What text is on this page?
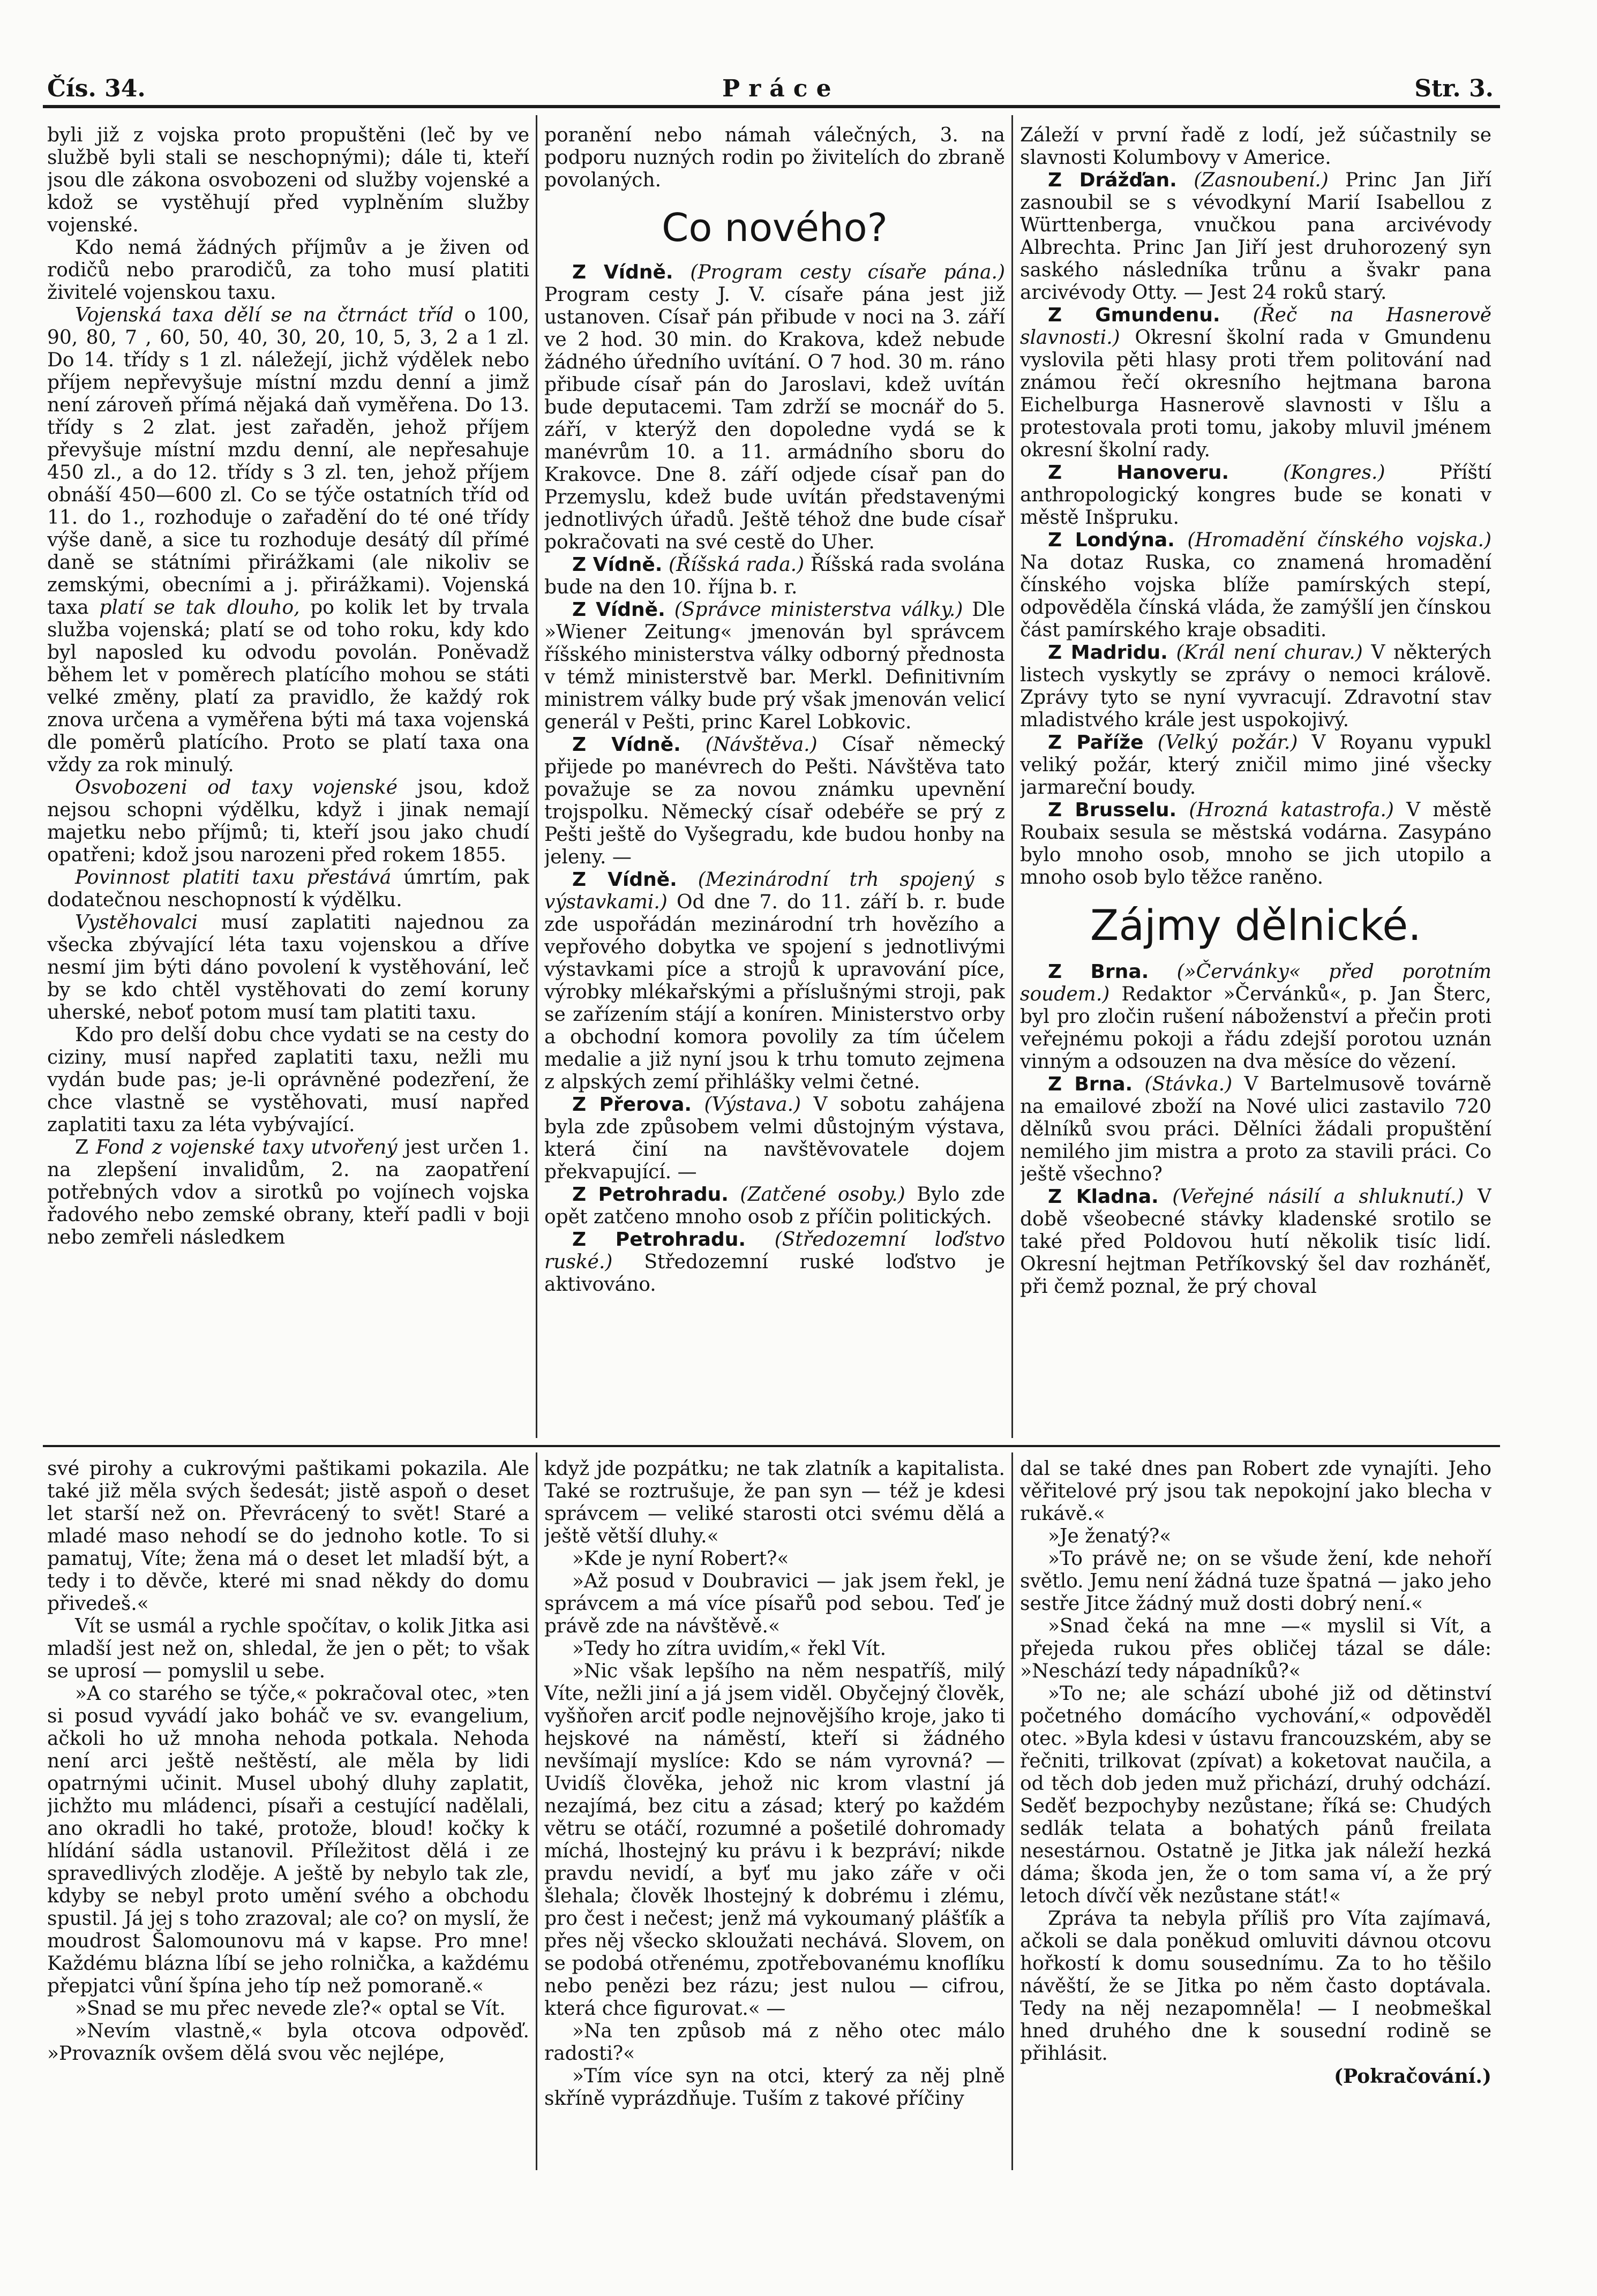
Čís. 34.	Práce	Str. 3.

byli již z vojska proto propuštěni (leč by ve službě byli stali se neschopnými); dále ti, kteří jsou dle zákona osvobozeni od služby vojenské a kdož se vystěhují před vyplněním služby vojenské.

Kdo nemá žádných příjmův a je živen od rodičů nebo prarodičů, za toho musí platiti živitelé vojenskou taxu.

Vojenská taxa dělí se na čtrnáct tříd o 100, 90, 80, 7 , 60, 50, 40, 30, 20, 10, 5, 3, 2 a 1 zl. Do 14. třídy s 1 zl. náležejí, jichž výdělek nebo příjem nepřevyšuje místní mzdu denní a jimž není zároveň přímá nějaká daň vyměřena. Do 13. třídy s 2 zlat. jest zařaděn, jehož příjem převyšuje místní mzdu denní, ale nepřesahuje 450 zl., a do 12. třídy s 3 zl. ten, jehož příjem obnáší 450—600 zl. Co se týče ostatních tříd od 11. do 1., rozhoduje o zařadění do té oné třídy výše daně, a sice tu rozhoduje desátý díl přímé daně se státními přirážkami (ale nikoliv se zemskými, obecními a j. přirážkami). Vojenská taxa platí se tak dlouho, po kolik let by trvala služba vojenská; platí se od toho roku, kdy kdo byl naposled ku odvodu povolán. Poněvadž během let v poměrech platícího mohou se státi velké změny, platí za pravidlo, že každý rok znova určena a vyměřena býti má taxa vojenská dle poměrů platícího. Proto se platí taxa ona vždy za rok minulý.

Osvobozeni od taxy vojenské jsou, kdož nejsou schopni výdělku, když i jinak nemají majetku nebo příjmů; ti, kteří jsou jako chudí opatřeni; kdož jsou narozeni před rokem 1855.

Povinnost platiti taxu přestává úmrtím, pak dodatečnou neschopností k výdělku.

Vystěhovalci musí zaplatiti najednou za všecka zbývající léta taxu vojenskou a dříve nesmí jim býti dáno povolení k vystěhování, leč by se kdo chtěl vystěhovati do zemí koruny uherské, neboť potom musí tam platiti taxu.

Kdo pro delší dobu chce vydati se na cesty do ciziny, musí napřed zaplatiti taxu, nežli mu vydán bude pas; je-li oprávněné podezření, že chce vlastně se vystěhovati, musí napřed zaplatiti taxu za léta vybývající.

Z Fond z vojenské taxy utvořený jest určen 1. na zlepšení invalidům, 2. na zaopatření potřebných vdov a sirotků po vojínech vojska řadového nebo zemské obrany, kteří padli v boji nebo zemřeli následkem

poranění nebo námah válečných, 3. na podporu nuzných rodin po živitelích do zbraně povolaných.

Co nového?

Z Vídně. (Program cesty císaře pána.) Program cesty J. V. císaře pána jest již ustanoven. Císař pán přibude v noci na 3. září ve 2 hod. 30 min. do Krakova, kdež nebude žádného úředního uvítání. O 7 hod. 30 m. ráno přibude císař pán do Jaroslavi, kdež uvítán bude deputacemi. Tam zdrží se mocnář do 5. září, v kterýž den dopoledne vydá se k manévrům 10. a 11. armádního sboru do Krakovce. Dne 8. září odjede císař pan do Przemyslu, kdež bude uvítán představenými jednotlivých úřadů. Ještě téhož dne bude císař pokračovati na své cestě do Uher.

Z Vídně. (Říšská rada.) Říšská rada svolána bude na den 10. října b. r.

Z Vídně. (Správce ministerstva války.) Dle »Wiener Zeitung« jmenován byl správcem říšského ministerstva války odborný přednosta v témž ministerstvě bar. Merkl. Definitivním ministrem války bude prý však jmenován velicí generál v Pešti, princ Karel Lobkovic.

Z Vídně. (Návštěva.) Císař německý přijede po manévrech do Pešti. Návštěva tato považuje se za novou známku upevnění trojspolku. Německý císař odebéře se prý z Pešti ještě do Vyšegradu, kde budou honby na jeleny. —

Z Vídně. (Mezinárodní trh spojený s výstavkami.) Od dne 7. do 11. září b. r. bude zde uspořádán mezinárodní trh hovězího a vepřového dobytka ve spojení s jednotlivými výstavkami píce a strojů k upravování píce, výrobky mlékařskými a příslušnými stroji, pak se zařízením stájí a koníren. Ministerstvo orby a obchodní komora povolily za tím účelem medalie a již nyní jsou k trhu tomuto zejmena z alpských zemí přihlášky velmi četné.

Z Přerova. (Výstava.) V sobotu zahájena byla zde způsobem velmi důstojným výstava, která činí na navštěvovatele dojem překvapující. —

Z Petrohradu. (Zatčené osoby.) Bylo zde opět zatčeno mnoho osob z příčin politických.

Z Petrohradu. (Středozemní loďstvo ruské.) Středozemní ruské loďstvo je aktivováno.

Záleží v první řadě z lodí, jež súčastnily se slavnosti Kolumbovy v Americe.

Z Drážďan. (Zasnoubení.) Princ Jan Jiří zasnoubil se s vévodkyní Marií Isabellou z Württenberga, vnučkou pana arcivévody Albrechta. Princ Jan Jiří jest druhorozený syn saského následníka trůnu a švakr pana arcivévody Otty. — Jest 24 roků starý.

Z Gmundenu. (Řeč na Hasnerově slavnosti.) Okresní školní rada v Gmundenu vyslovila pěti hlasy proti třem politování nad známou řečí okresního hejtmana barona Eichelburga Hasnerově slavnosti v Išlu a protestovala proti tomu, jakoby mluvil jménem okresní školní rady.

Z Hanoveru.	(Kongres.) Příští anthropologický kongres bude se konati v městě Inšpruku.

Z Londýna. (Hromadění čínského vojska.) Na dotaz Ruska, co znamená hromadění čínského vojska blíže pamírských stepí, odpověděla čínská vláda, že zamýšlí jen čínskou část pamírského kraje obsaditi.

Z Madridu. (Král není churav.) V některých listech vyskytly se zprávy o nemoci královĕ. Zprávy tyto se nyní vyvracují. Zdravotní stav mladistvého krále jest uspokojivý.

Z Paříže (Velký požár.) V Royanu vypukl veliký požár, který zničil mimo jiné všecky jarmareční boudy.

Z Brusselu. (Hrozná katastrofa.) V městě Roubaix sesula se městská vodárna. Zasypáno bylo mnoho osob, mnoho se jich utopilo a mnoho osob bylo těžce raněno.

Zájmy dělnické.

Z Brna. (»Červánky« před porotním soudem.) Redaktor »Červánků«, p. Jan Šterc, byl pro zločin rušení náboženství a přečin proti veřejnému pokoji a řádu zdejší porotou uznán vinným a odsouzen na dva měsíce do vězení.

Z Brna. (Stávka.) V Bartelmusově továrně na emailové zboží na Nové ulici zastavilo 720 dělníků svou práci. Dělníci žádali propuštění nemilého jim mistra a proto za stavili práci. Co ještě všechno?

Z Kladna. (Veřejné násilí a shluknutí.) V době všeobecné stávky kladenské srotilo se také před Poldovou hutí několik tisíc lidí. Okresní hejtman Petříkovský šel dav rozháněť, při čemž poznal, že prý choval

své pirohy a cukrovými paštikami pokazila. Ale také již měla svých šedesát; jistě aspoň o deset let starší než on. Převrácený to svět! Staré a mladé maso nehodí se do jednoho kotle. To si pamatuj, Víte; žena má o deset let mladší být, a tedy i to děvče, které mi snad někdy do domu přivedeš.«

Vít se usmál a rychle spočítav, o kolik Jitka asi mladší jest než on, shledal, že jen o pět; to však se uprosí — pomyslil u sebe.

»A co starého se týče,« pokračoval otec, »ten si posud vyvádí jako boháč ve sv. evangelium, ačkoli ho už mnoha nehoda potkala. Nehoda není arci ještě neštěstí, ale měla by lidi opatrnými učinit. Musel ubohý dluhy zaplatit, jichžto mu mládenci, písaři a cestující nadělali, ano okradli ho také, protože, bloud! kočky k hlídání sádla ustanovil. Příležitost dělá i ze spravedlivých zloděje. A ještě by nebylo tak zle, kdyby se nebyl proto umění svého a obchodu spustil. Já jej s toho zrazoval; ale co? on myslí, že moudrost Šalomounovu má v kapse. Pro mne! Každému blázna líbí se jeho rolnička, a každému přepjatci vůní špína jeho típ než pomoraně.«

»Snad se mu přec nevede zle?« optal se Vít.

»Nevím vlastně,« byla otcova odpověď. »Provazník ovšem dělá svou věc nejlépe,

když jde pozpátku; ne tak zlatník a kapitalista. Také se roztrušuje, že pan syn — též je kdesi správcem — veliké starosti otci svému dělá a ještě větší dluhy.«

»Kde je nyní Robert?«

»Až posud v Doubravici — jak jsem řekl, je správcem a má více písařů pod sebou. Teď je právě zde na návštěvě.«

»Tedy ho zítra uvidím,« řekl Vít.

»Nic však lepšího na něm nespatříš, milý Víte, nežli jiní a já jsem viděl. Obyčejný člověk, vyšňořen arciť podle nejnovějšího kroje, jako ti hejskové na náměstí, kteří si žádného nevšímají myslíce: Kdo se nám vyrovná? — Uvidíš člověka, jehož nic krom vlastní já nezajímá, bez citu a zásad; který po každém větru se otáčí, rozumné a pošetilé dohromady míchá, lhostejný ku právu i k bezpráví; nikde pravdu nevidí, a byť mu jako záře v oči šlehala; člověk lhostejný k dobrému i zlému, pro čest i nečest; jenž má vykoumaný plášťík a přes něj všecko skloužati nechává. Slovem, on se podobá otřenému, zpotřebovanému knoflíku nebo penězi bez rázu; jest nulou — cifrou, která chce figurovat.« —

»Na ten způsob má z něho otec málo radosti?«

»Tím více syn na otci, který za něj plně skříně vyprázdňuje. Tuším z takové příčiny

dal se také dnes pan Robert zde vynajíti. Jeho věřitelové prý jsou tak nepokojní jako blecha v rukávě.«

»Je ženatý?«

»To právě ne; on se všude žení, kde nehoří světlo. Jemu není žádná tuze špatná — jako jeho sestře Jitce žádný muž dosti dobrý není.«

»Snad čeká na mne —« myslil si Vít, a přejeda rukou přes obličej tázal se dále: »Neschází tedy nápadníků?«

»To ne; ale schází ubohé již od dětinství početného domácího vychování,« odpověděl otec. »Byla kdesi v ústavu francouzském, aby se řečniti, trilkovat (zpívat) a koketovat naučila, a od těch dob jeden muž přichází, druhý odchází. Seděť bezpochyby nezůstane; říká se: Chudých sedlák telata a bohatých pánů freilata nesestárnou. Ostatně je Jitka jak náleží hezká dáma; škoda jen, že o tom sama ví, a že prý letoch dívčí věk nezůstane stát!«

Zpráva ta nebyla příliš pro Víta zajímavá, ačkoli se dala poněkud omluviti dávnou otcovu hořkostí k domu sousednímu. Za to ho těšilo návěští, že se Jitka po něm často doptávala. Tedy na něj nezapomněla! — I neobmeškal hned druhého dne k sousední rodině se přihlásit.

(Pokračování.)
